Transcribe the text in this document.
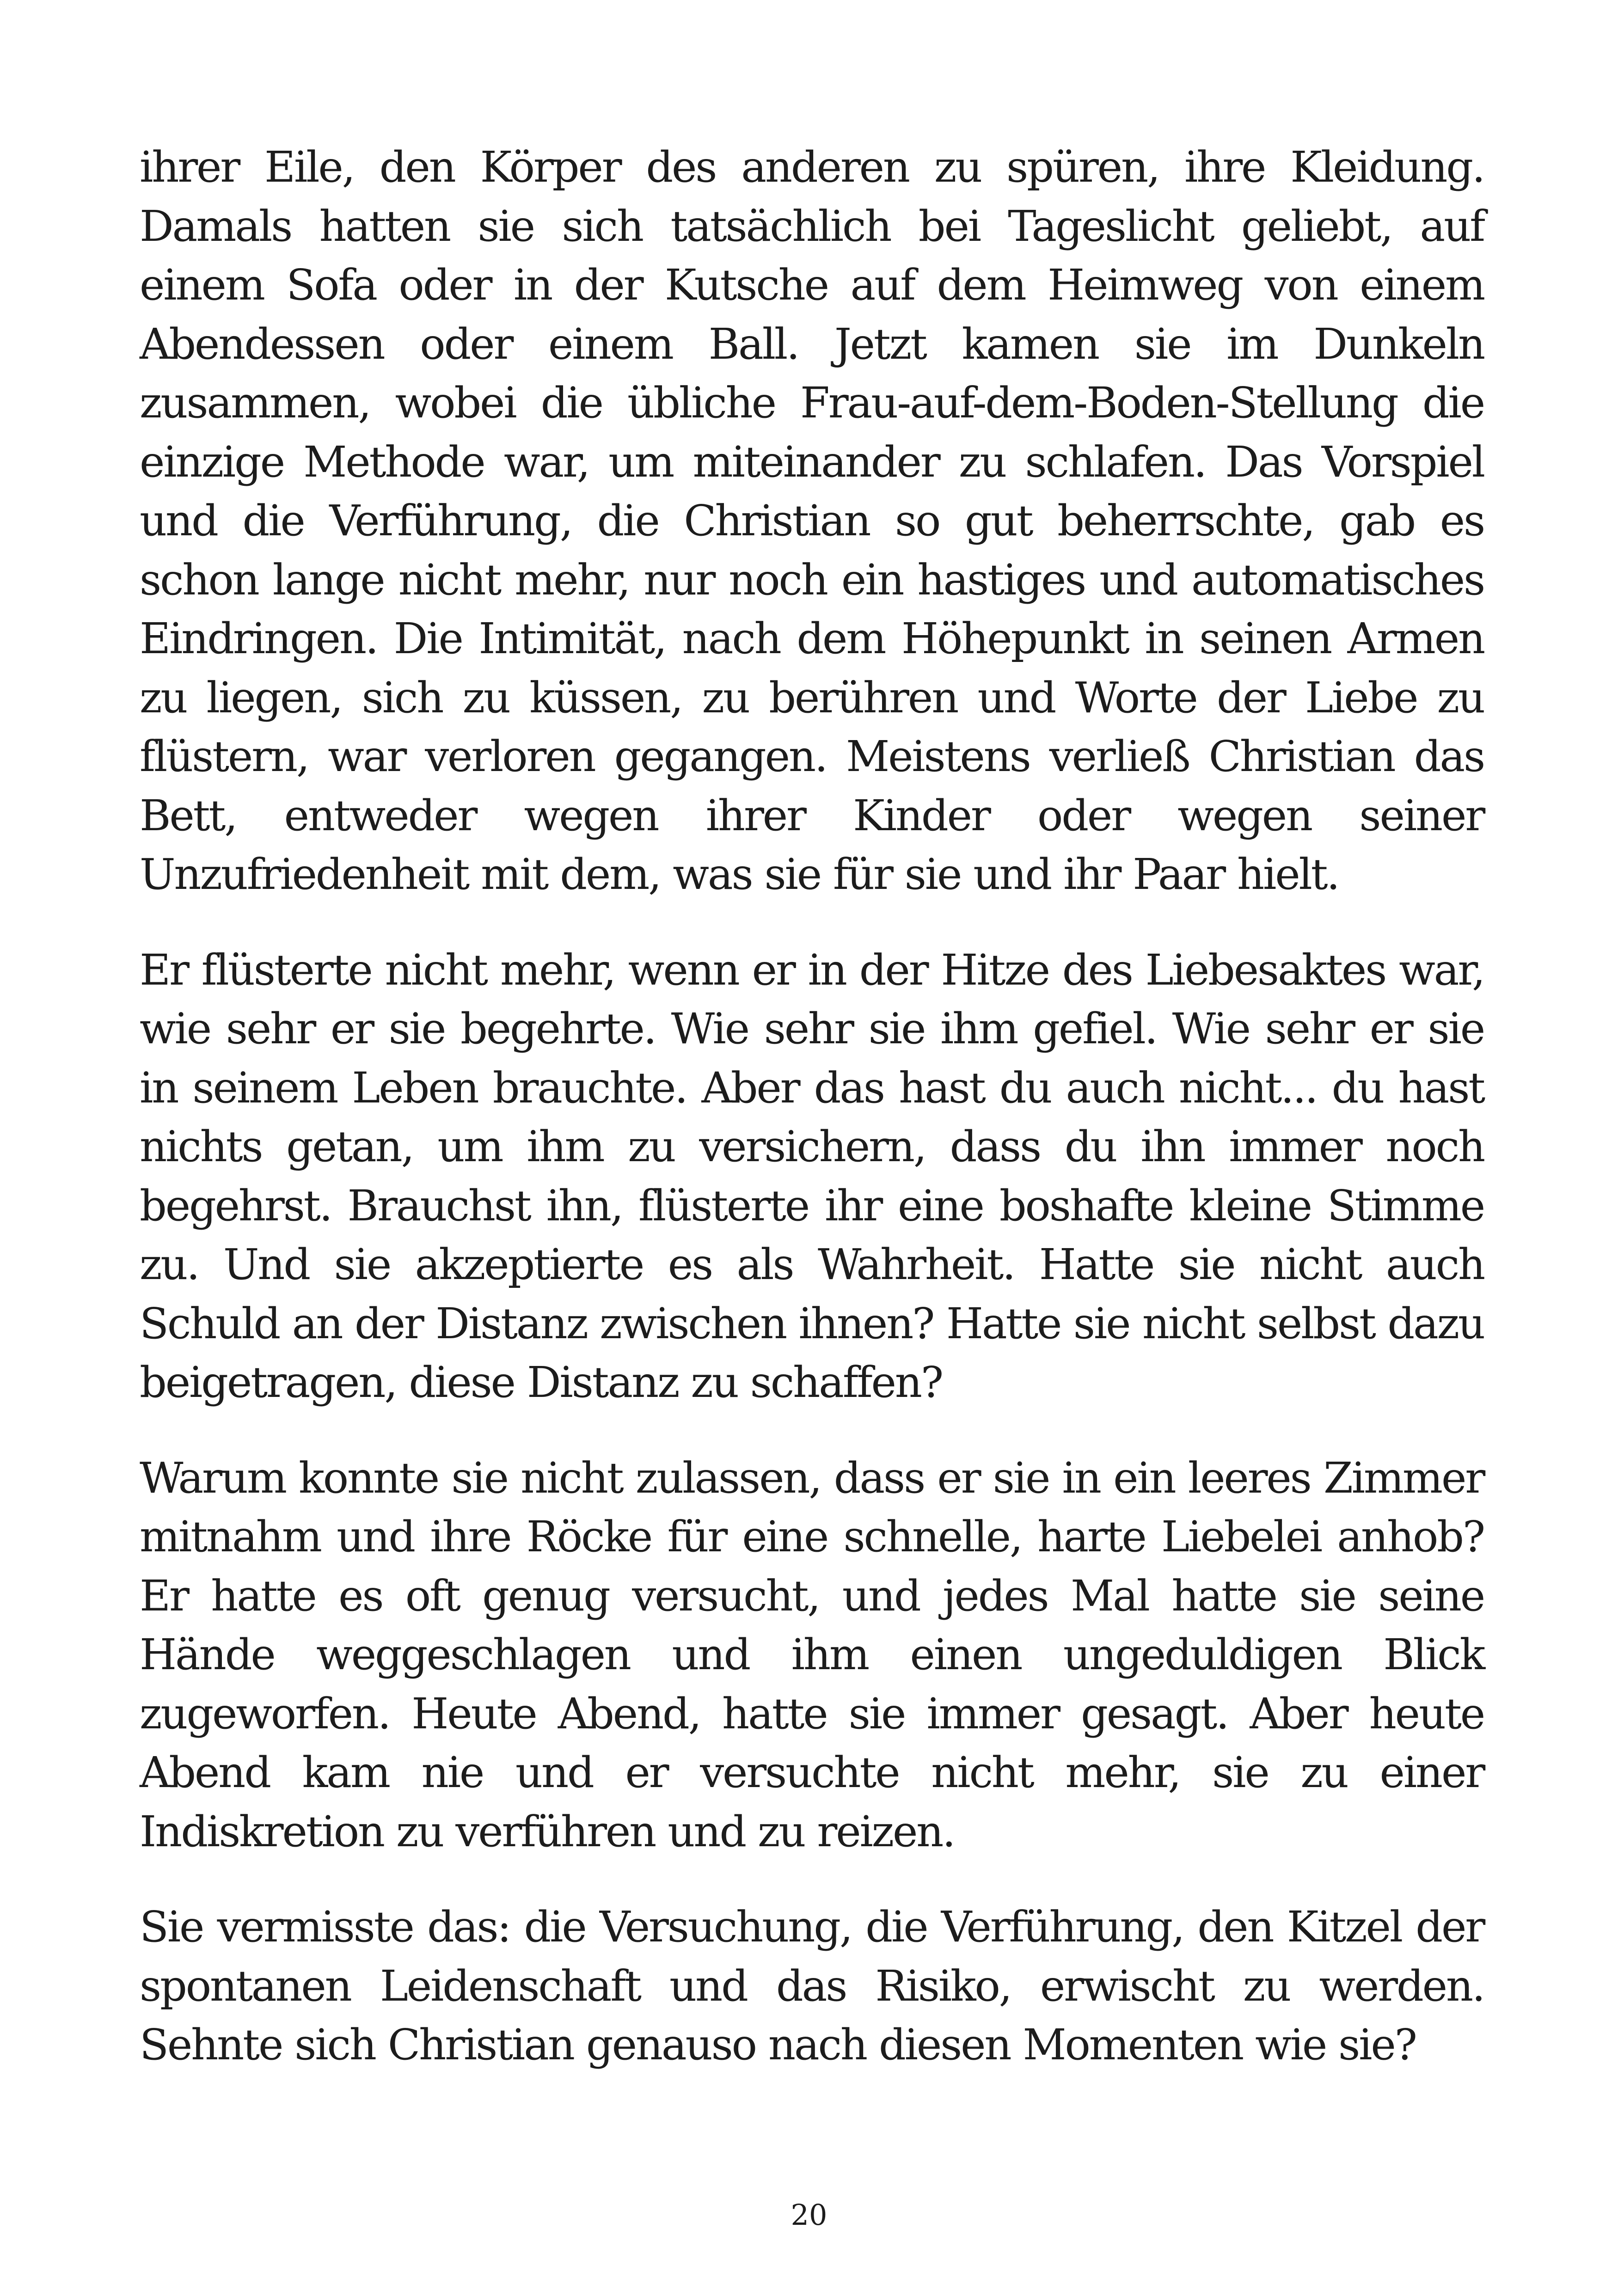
ihrer Eile, den Körper des anderen zu spüren, ihre Kleidung. Damals hatten sie sich tatsächlich bei Tageslicht geliebt, auf einem Sofa oder in der Kutsche auf dem Heimweg von einem Abendessen oder einem Ball. Jetzt kamen sie im Dunkeln zusammen, wobei die übliche Frau-auf-dem-Boden-Stellung die einzige Methode war, um miteinander zu schlafen. Das Vorspiel und die Verführung, die Christian so gut beherrschte, gab es schon lange nicht mehr, nur noch ein hastiges und automatisches Eindringen. Die Intimität, nach dem Höhepunkt in seinen Armen zu liegen, sich zu küssen, zu berühren und Worte der Liebe zu flüstern, war verloren gegangen. Meistens verließ Christian das Bett, entweder wegen ihrer Kinder oder wegen seiner Unzufriedenheit mit dem, was sie für sie und ihr Paar hielt.

Er flüsterte nicht mehr, wenn er in der Hitze des Liebesaktes war, wie sehr er sie begehrte. Wie sehr sie ihm gefiel. Wie sehr er sie in seinem Leben brauchte. Aber das hast du auch nicht... du hast nichts getan, um ihm zu versichern, dass du ihn immer noch begehrst. Brauchst ihn, flüsterte ihr eine boshafte kleine Stimme zu. Und sie akzeptierte es als Wahrheit. Hatte sie nicht auch Schuld an der Distanz zwischen ihnen? Hatte sie nicht selbst dazu beigetragen, diese Distanz zu schaffen?

Warum konnte sie nicht zulassen, dass er sie in ein leeres Zimmer mitnahm und ihre Röcke für eine schnelle, harte Liebelei anhob? Er hatte es oft genug versucht, und jedes Mal hatte sie seine Hände weggeschlagen und ihm einen ungeduldigen Blick zugeworfen. Heute Abend, hatte sie immer gesagt. Aber heute Abend kam nie und er versuchte nicht mehr, sie zu einer Indiskretion zu verführen und zu reizen.

Sie vermisste das: die Versuchung, die Verführung, den Kitzel der spontanen Leidenschaft und das Risiko, erwischt zu werden. Sehnte sich Christian genauso nach diesen Momenten wie sie?

20
